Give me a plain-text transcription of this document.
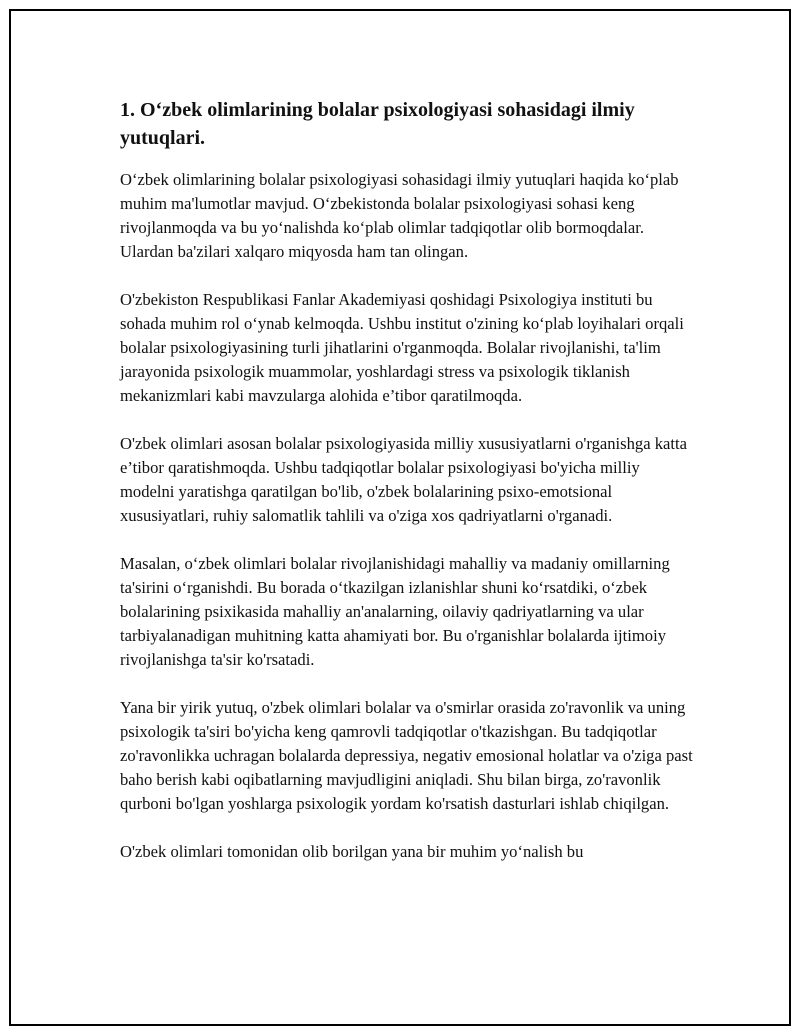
1. O‘zbek olimlarining bolalar psixologiyasi sohasidagi ilmiy yutuqlari.

O‘zbek olimlarining bolalar psixologiyasi sohasidagi ilmiy yutuqlari haqida ko‘plab muhim ma'lumotlar mavjud. O‘zbekistonda bolalar psixologiyasi sohasi keng rivojlanmoqda va bu yo‘nalishda ko‘plab olimlar tadqiqotlar olib bormoqdalar. Ulardan ba'zilari xalqaro miqyosda ham tan olingan.

O'zbekiston Respublikasi Fanlar Akademiyasi qoshidagi Psixologiya instituti bu sohada muhim rol o‘ynab kelmoqda. Ushbu institut o'zining ko‘plab loyihalari orqali bolalar psixologiyasining turli jihatlarini o'rganmoqda. Bolalar rivojlanishi, ta'lim jarayonida psixologik muammolar, yoshlardagi stress va psixologik tiklanish mekanizmlari kabi mavzularga alohida e’tibor qaratilmoqda.

O'zbek olimlari asosan bolalar psixologiyasida milliy xususiyatlarni o'rganishga katta e’tibor qaratishmoqda. Ushbu tadqiqotlar bolalar psixologiyasi bo'yicha milliy modelni yaratishga qaratilgan bo'lib, o'zbek bolalarining psixo-emotsional xususiyatlari, ruhiy salomatlik tahlili va o'ziga xos qadriyatlarni o'rganadi.

Masalan, o‘zbek olimlari bolalar rivojlanishidagi mahalliy va madaniy omillarning ta'sirini o‘rganishdi. Bu borada o‘tkazilgan izlanishlar shuni ko‘rsatdiki, o‘zbek bolalarining psixikasida mahalliy an'analarning, oilaviy qadriyatlarning va ular tarbiyalanadigan muhitning katta ahamiyati bor. Bu o'rganishlar bolalarda ijtimoiy rivojlanishga ta'sir ko'rsatadi.

Yana bir yirik yutuq, o'zbek olimlari bolalar va o'smirlar orasida zo'ravonlik va uning psixologik ta'siri bo'yicha keng qamrovli tadqiqotlar o'tkazishgan. Bu tadqiqotlar zo'ravonlikka uchragan bolalarda depressiya, negativ emosional holatlar va o'ziga past baho berish kabi oqibatlarning mavjudligini aniqladi. Shu bilan birga, zo'ravonlik qurboni bo'lgan yoshlarga psixologik yordam ko'rsatish dasturlari ishlab chiqilgan.

O'zbek olimlari tomonidan olib borilgan yana bir muhim yo‘nalish bu
